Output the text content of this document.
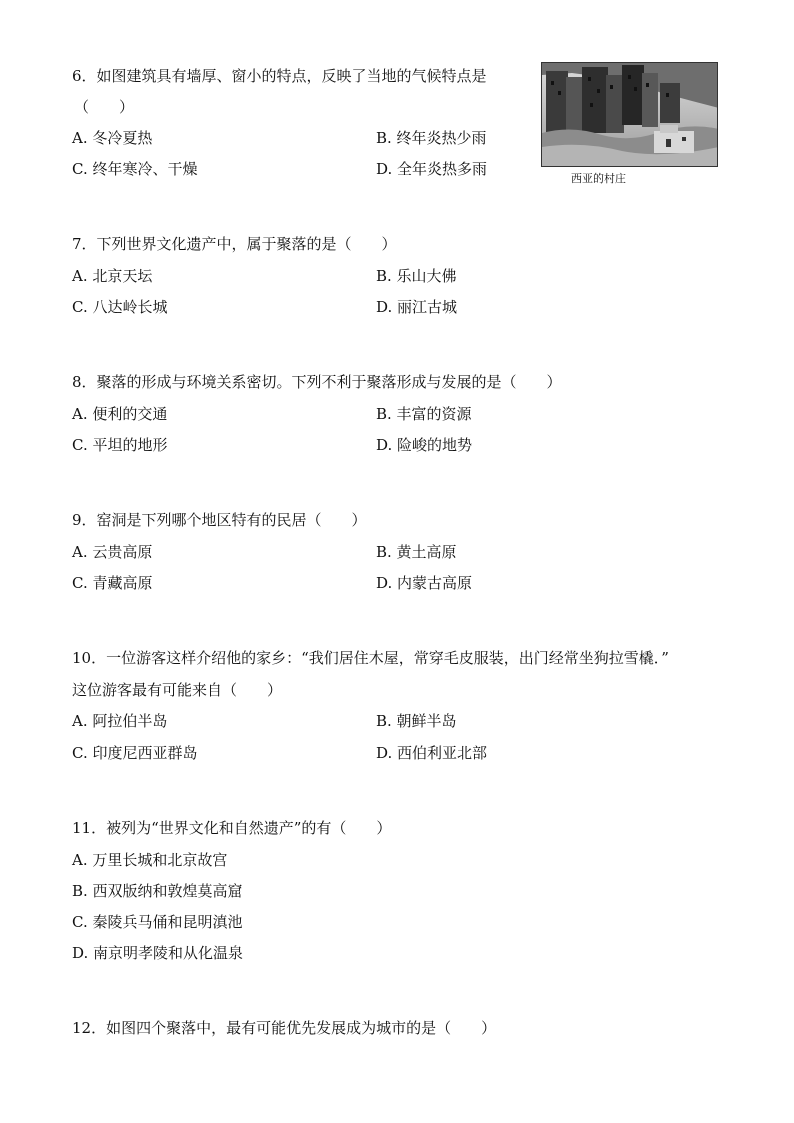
6．如图建筑具有墙厚、窗小的特点，反映了当地的气候特点是
（　　）
A. 冬冷夏热	B. 终年炎热少雨
C. 终年寒冷、干燥	D. 全年炎热多雨
西亚的村庄
7．下列世界文化遗产中，属于聚落的是（　　）
A. 北京天坛	B. 乐山大佛
C. 八达岭长城	D. 丽江古城
8．聚落的形成与环境关系密切。下列不利于聚落形成与发展的是（　　）
A. 便利的交通	B. 丰富的资源
C. 平坦的地形	D. 险峻的地势
9．窑洞是下列哪个地区特有的民居（　　）
A. 云贵高原	B. 黄土高原
C. 青藏高原	D. 内蒙古高原
10．一位游客这样介绍他的家乡：“我们居住木屋，常穿毛皮服装，出门经常坐狗拉雪橇．”
这位游客最有可能来自（　　）
A. 阿拉伯半岛	B. 朝鲜半岛
C. 印度尼西亚群岛	D. 西伯利亚北部
11．被列为“世界文化和自然遗产”的有（　　）
A. 万里长城和北京故宫
B. 西双版纳和敦煌莫高窟
C. 秦陵兵马俑和昆明滇池
D. 南京明孝陵和从化温泉
12．如图四个聚落中，最有可能优先发展成为城市的是（　　）
